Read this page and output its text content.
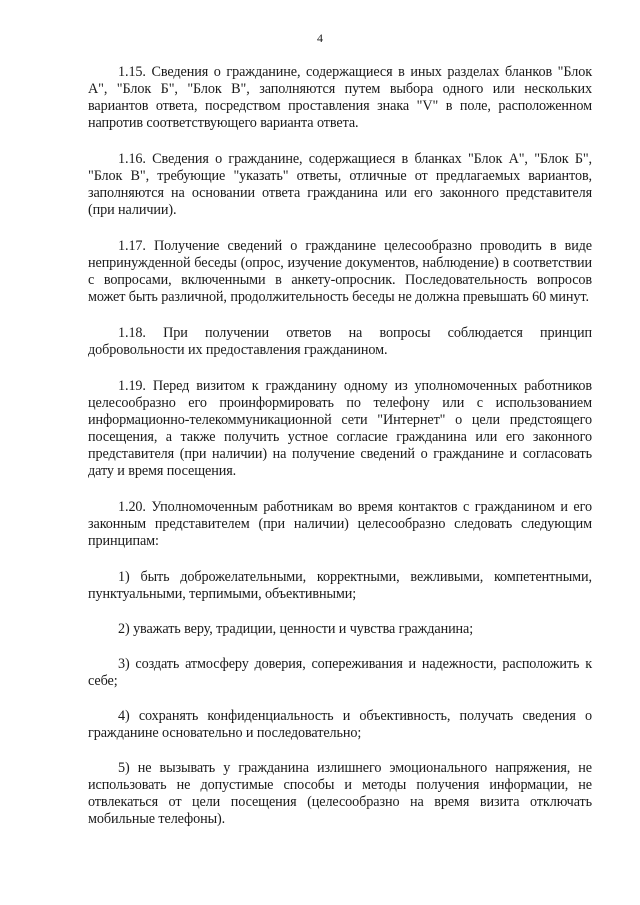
4

1.15. Сведения о гражданине, содержащиеся в иных разделах бланков "Блок А", "Блок Б", "Блок В", заполняются путем выбора одного или нескольких вариантов ответа, посредством проставления знака "V" в поле, расположенном напротив соответствующего варианта ответа.

1.16. Сведения о гражданине, содержащиеся в бланках "Блок А", "Блок Б", "Блок В", требующие "указать" ответы, отличные от предлагаемых вариантов, заполняются на основании ответа гражданина или его законного представителя (при наличии).

1.17. Получение сведений о гражданине целесообразно проводить в виде непринужденной беседы (опрос, изучение документов, наблюдение) в соответствии с вопросами, включенными в анкету-опросник. Последовательность вопросов может быть различной, продолжительность беседы не должна превышать 60 минут.

1.18. При получении ответов на вопросы соблюдается принцип добровольности их предоставления гражданином.

1.19. Перед визитом к гражданину одному из уполномоченных работников целесообразно его проинформировать по телефону или с использованием информационно-телекоммуникационной сети "Интернет" о цели предстоящего посещения, а также получить устное согласие гражданина или его законного представителя (при наличии) на получение сведений о гражданине и согласовать дату и время посещения.

1.20. Уполномоченным работникам во время контактов с гражданином и его законным представителем (при наличии) целесообразно следовать следующим принципам:

1) быть доброжелательными, корректными, вежливыми, компетентными, пунктуальными, терпимыми, объективными;

2) уважать веру, традиции, ценности и чувства гражданина;

3) создать атмосферу доверия, сопереживания и надежности, расположить к себе;

4) сохранять конфиденциальность и объективность, получать сведения о гражданине основательно и последовательно;

5) не вызывать у гражданина излишнего эмоционального напряжения, не использовать не допустимые способы и методы получения информации, не отвлекаться от цели посещения (целесообразно на время визита отключать мобильные телефоны).
